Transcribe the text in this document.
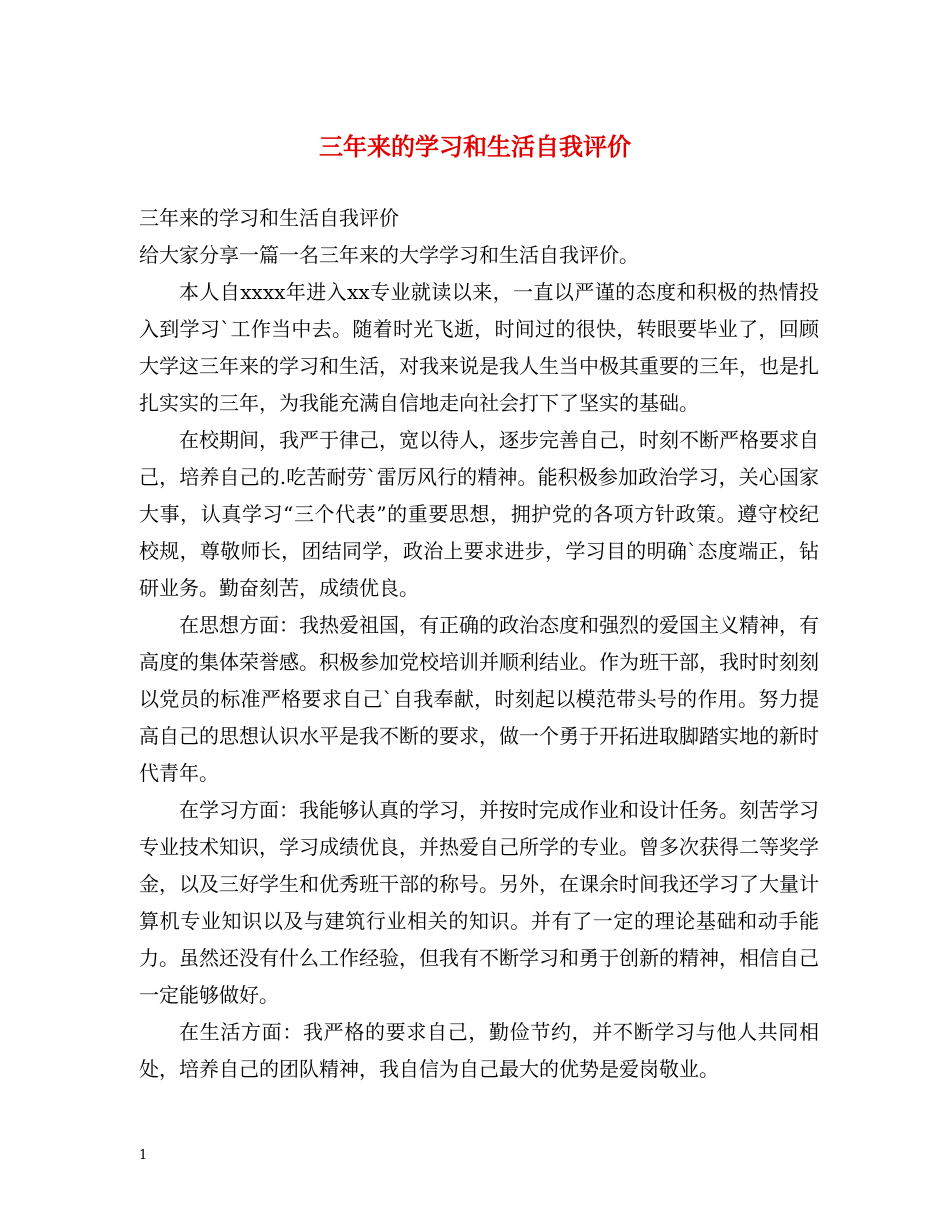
三年来的学习和生活自我评价

三年来的学习和生活自我评价

给大家分享一篇一名三年来的大学学习和生活自我评价。

本人自xxxx年进入xx专业就读以来，一直以严谨的态度和积极的热情投入到学习`工作当中去。随着时光飞逝，时间过的很快，转眼要毕业了，回顾大学这三年来的学习和生活，对我来说是我人生当中极其重要的三年，也是扎扎实实的三年，为我能充满自信地走向社会打下了坚实的基础。

在校期间，我严于律己，宽以待人，逐步完善自己，时刻不断严格要求自己，培养自己的.吃苦耐劳`雷厉风行的精神。能积极参加政治学习，关心国家大事，认真学习“三个代表”的重要思想，拥护党的各项方针政策。遵守校纪校规，尊敬师长，团结同学，政治上要求进步，学习目的明确`态度端正，钻研业务。勤奋刻苦，成绩优良。

在思想方面：我热爱祖国，有正确的政治态度和强烈的爱国主义精神，有高度的集体荣誉感。积极参加党校培训并顺利结业。作为班干部，我时时刻刻以党员的标准严格要求自己`自我奉献，时刻起以模范带头号的作用。努力提高自己的思想认识水平是我不断的要求，做一个勇于开拓进取脚踏实地的新时代青年。

在学习方面：我能够认真的学习，并按时完成作业和设计任务。刻苦学习专业技术知识，学习成绩优良，并热爱自己所学的专业。曾多次获得二等奖学金，以及三好学生和优秀班干部的称号。另外，在课余时间我还学习了大量计算机专业知识以及与建筑行业相关的知识。并有了一定的理论基础和动手能力。虽然还没有什么工作经验，但我有不断学习和勇于创新的精神，相信自己一定能够做好。

在生活方面：我严格的要求自己，勤俭节约，并不断学习与他人共同相处，培养自己的团队精神，我自信为自己最大的优势是爱岗敬业。

1
